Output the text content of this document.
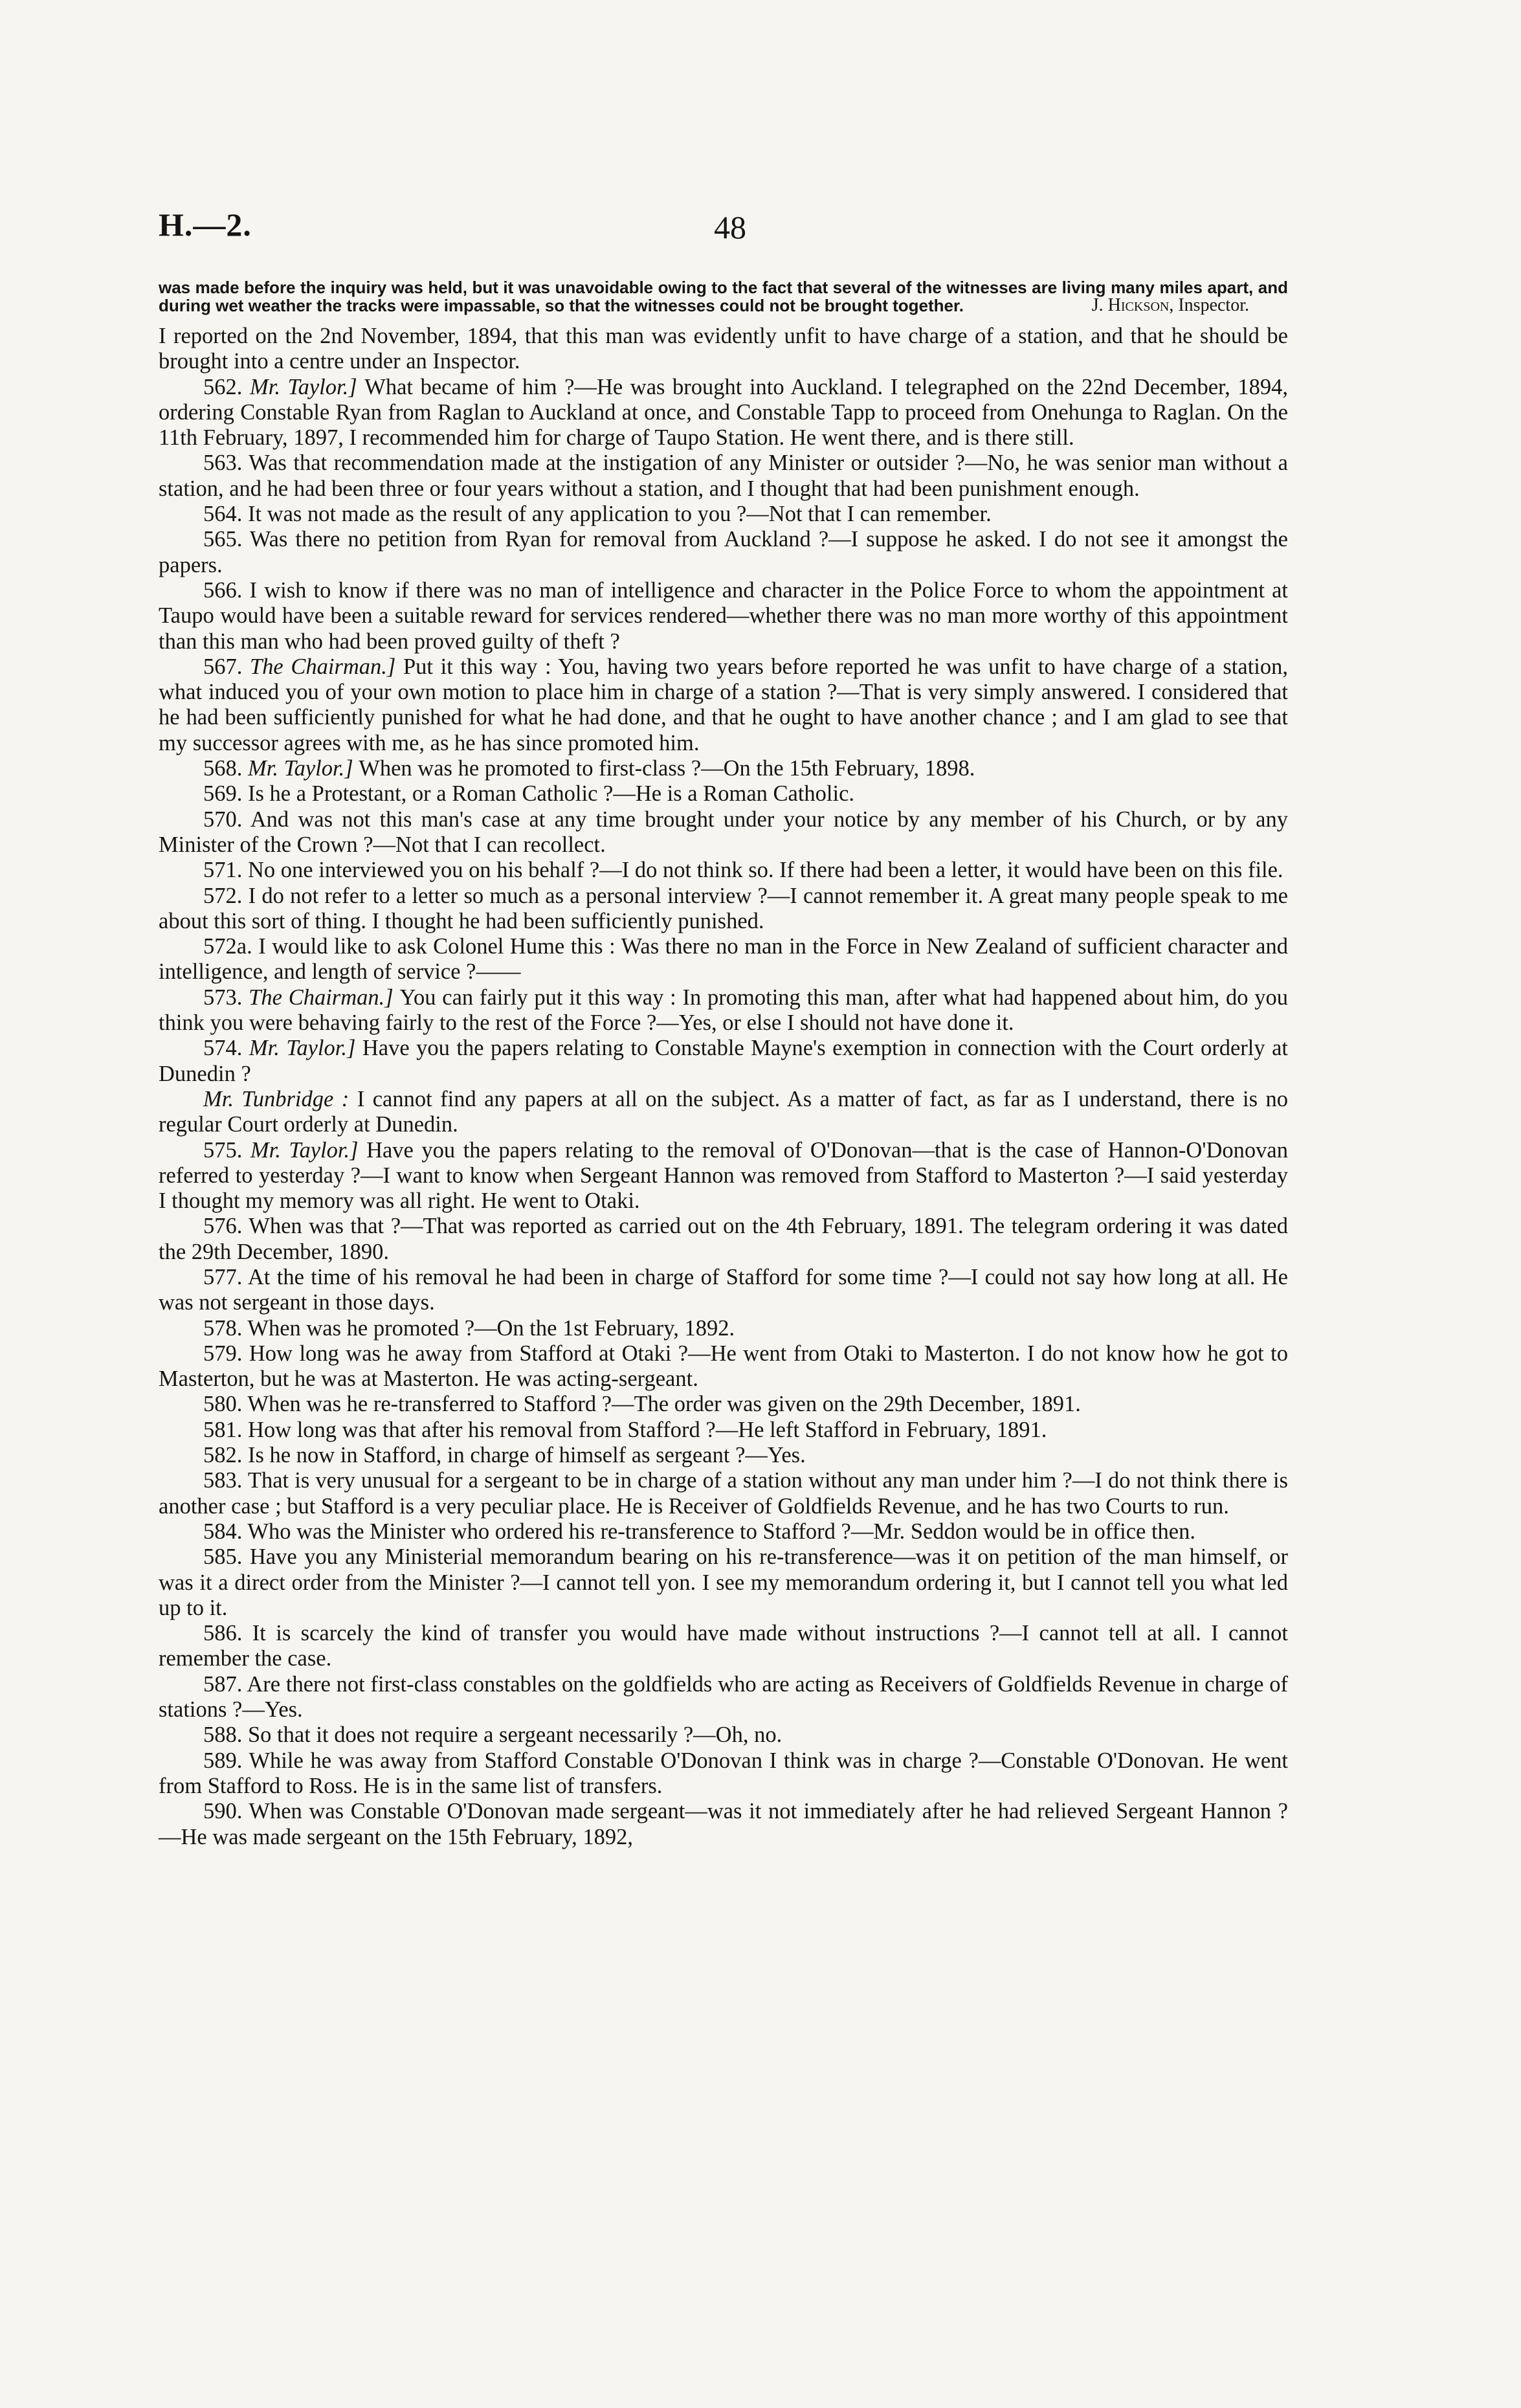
H.—2.	48
was made before the inquiry was held, but it was unavoidable owing to the fact that several of the witnesses are living many miles apart, and during wet weather the tracks were impassable, so that the witnesses could not be brought together.	J. Hickson, Inspector.

I reported on the 2nd November, 1894, that this man was evidently unfit to have charge of a station, and that he should be brought into a centre under an Inspector.

562. Mr. Taylor.] What became of him ?—He was brought into Auckland. I telegraphed on the 22nd December, 1894, ordering Constable Ryan from Raglan to Auckland at once, and Constable Tapp to proceed from Onehunga to Raglan. On the 11th February, 1897, I recommended him for charge of Taupo Station. He went there, and is there still.

563. Was that recommendation made at the instigation of any Minister or outsider ?—No, he was senior man without a station, and he had been three or four years without a station, and I thought that had been punishment enough.

564. It was not made as the result of any application to you ?—Not that I can remember.

565. Was there no petition from Ryan for removal from Auckland ?—I suppose he asked. I do not see it amongst the papers.

566. I wish to know if there was no man of intelligence and character in the Police Force to whom the appointment at Taupo would have been a suitable reward for services rendered—whether there was no man more worthy of this appointment than this man who had been proved guilty of theft ?

567. The Chairman.] Put it this way : You, having two years before reported he was unfit to have charge of a station, what induced you of your own motion to place him in charge of a station ?—That is very simply answered. I considered that he had been sufficiently punished for what he had done, and that he ought to have another chance ; and I am glad to see that my successor agrees with me, as he has since promoted him.

568. Mr. Taylor.] When was he promoted to first-class ?—On the 15th February, 1898.

569. Is he a Protestant, or a Roman Catholic ?—He is a Roman Catholic.

570. And was not this man's case at any time brought under your notice by any member of his Church, or by any Minister of the Crown ?—Not that I can recollect.

571. No one interviewed you on his behalf ?—I do not think so. If there had been a letter, it would have been on this file.

572. I do not refer to a letter so much as a personal interview ?—I cannot remember it. A great many people speak to me about this sort of thing. I thought he had been sufficiently punished.

572a. I would like to ask Colonel Hume this : Was there no man in the Force in New Zealand of sufficient character and intelligence, and length of service ?——

573. The Chairman.] You can fairly put it this way : In promoting this man, after what had happened about him, do you think you were behaving fairly to the rest of the Force ?—Yes, or else I should not have done it.

574. Mr. Taylor.] Have you the papers relating to Constable Mayne's exemption in connection with the Court orderly at Dunedin ?

Mr. Tunbridge : I cannot find any papers at all on the subject. As a matter of fact, as far as I understand, there is no regular Court orderly at Dunedin.

575. Mr. Taylor.] Have you the papers relating to the removal of O'Donovan—that is the case of Hannon-O'Donovan referred to yesterday ?—I want to know when Sergeant Hannon was removed from Stafford to Masterton ?—I said yesterday I thought my memory was all right. He went to Otaki.

576. When was that ?—That was reported as carried out on the 4th February, 1891. The telegram ordering it was dated the 29th December, 1890.

577. At the time of his removal he had been in charge of Stafford for some time ?—I could not say how long at all. He was not sergeant in those days.

578. When was he promoted ?—On the 1st February, 1892.

579. How long was he away from Stafford at Otaki ?—He went from Otaki to Masterton. I do not know how he got to Masterton, but he was at Masterton. He was acting-sergeant.

580. When was he re-transferred to Stafford ?—The order was given on the 29th December, 1891.

581. How long was that after his removal from Stafford ?—He left Stafford in February, 1891.

582. Is he now in Stafford, in charge of himself as sergeant ?—Yes.

583. That is very unusual for a sergeant to be in charge of a station without any man under him ?—I do not think there is another case ; but Stafford is a very peculiar place. He is Receiver of Goldfields Revenue, and he has two Courts to run.

584. Who was the Minister who ordered his re-transference to Stafford ?—Mr. Seddon would be in office then.

585. Have you any Ministerial memorandum bearing on his re-transference—was it on petition of the man himself, or was it a direct order from the Minister ?—I cannot tell yon. I see my memorandum ordering it, but I cannot tell you what led up to it.

586. It is scarcely the kind of transfer you would have made without instructions ?—I cannot tell at all. I cannot remember the case.

587. Are there not first-class constables on the goldfields who are acting as Receivers of Goldfields Revenue in charge of stations ?—Yes.

588. So that it does not require a sergeant necessarily ?—Oh, no.

589. While he was away from Stafford Constable O'Donovan I think was in charge ?—Constable O'Donovan. He went from Stafford to Ross. He is in the same list of transfers.

590. When was Constable O'Donovan made sergeant—was it not immediately after he had relieved Sergeant Hannon ?—He was made sergeant on the 15th February, 1892,
